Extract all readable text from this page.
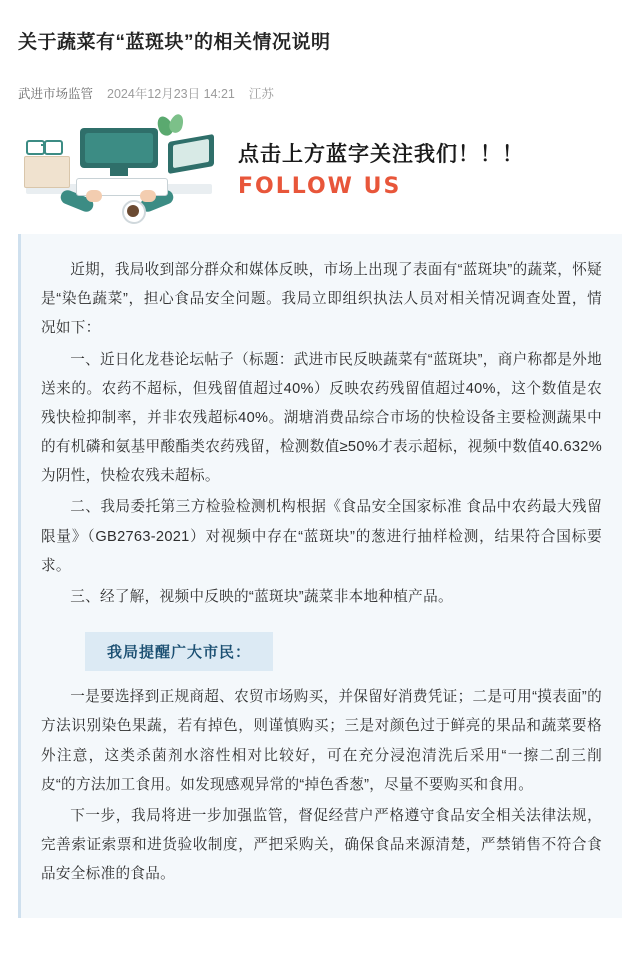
关于蔬菜有“蓝斑块”的相关情况说明
武进市场监管 2024年12月23日 14:21 江苏
点击上方蓝字关注我们！！！
FOLLOW US

近期，我局收到部分群众和媒体反映，市场上出现了表面有“蓝斑块”的蔬菜，怀疑是“染色蔬菜”，担心食品安全问题。我局立即组织执法人员对相关情况调查处置，情况如下：

一、近日化龙巷论坛帖子（标题：武进市民反映蔬菜有“蓝斑块”，商户称都是外地送来的。农药不超标，但残留值超过40%）反映农药残留值超过40%，这个数值是农残快检抑制率，并非农残超标40%。湖塘消费品综合市场的快检设备主要检测蔬果中的有机磷和氨基甲酸酯类农药残留，检测数值≥50%才表示超标，视频中数值40.632%为阴性，快检农残未超标。

二、我局委托第三方检验检测机构根据《食品安全国家标准 食品中农药最大残留限量》（GB2763-2021）对视频中存在“蓝斑块”的葱进行抽样检测，结果符合国标要求。

三、经了解，视频中反映的“蓝斑块”蔬菜非本地种植产品。

我局提醒广大市民：

一是要选择到正规商超、农贸市场购买，并保留好消费凭证；二是可用“摸表面”的方法识别染色果蔬，若有掉色，则谨慎购买；三是对颜色过于鲜亮的果品和蔬菜要格外注意，这类杀菌剂水溶性相对比较好，可在充分浸泡清洗后采用“一擦二刮三削皮“的方法加工食用。如发现感观异常的“掉色香葱”，尽量不要购买和食用。

下一步，我局将进一步加强监管，督促经营户严格遵守食品安全相关法律法规，完善索证索票和进货验收制度，严把采购关，确保食品来源清楚，严禁销售不符合食品安全标准的食品。
